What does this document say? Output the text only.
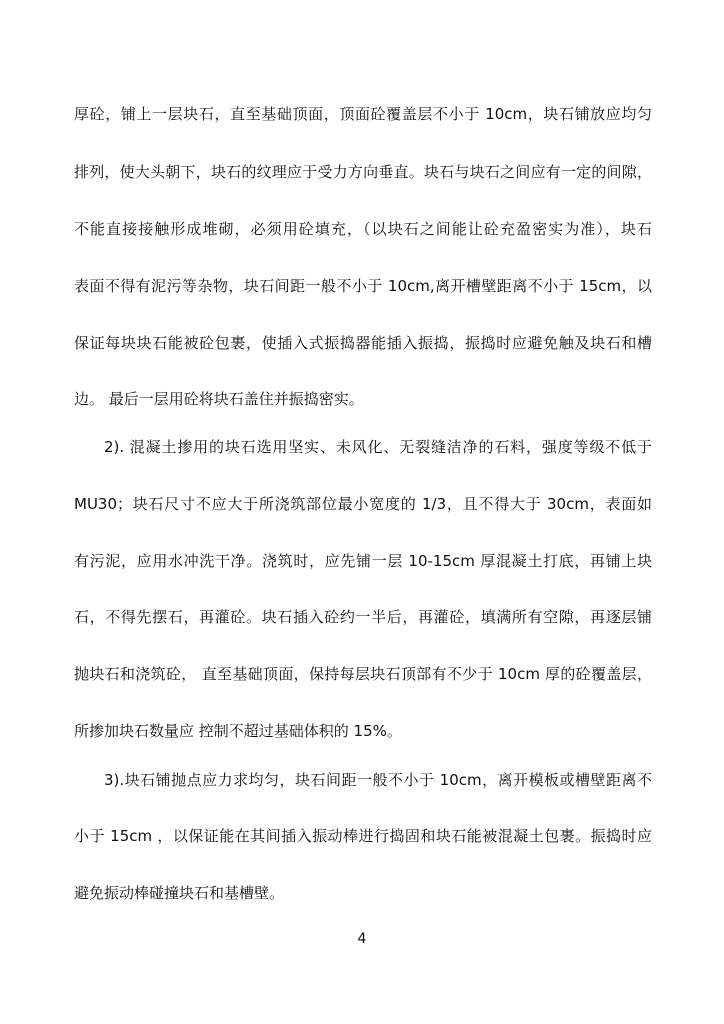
厚砼，铺上一层块石，直至基础顶面，顶面砼覆盖层不小于 10cm，块石铺放应均匀
排列，使大头朝下，块石的纹理应于受力方向垂直。块石与块石之间应有一定的间隙，
不能直接接触形成堆砌，必须用砼填充，（以块石之间能让砼充盈密实为准），块石
表面不得有泥污等杂物，块石间距一般不小于 10cm,离开槽壁距离不小于 15cm，以
保证每块块石能被砼包裹，使插入式振捣器能插入振捣，振捣时应避免触及块石和槽
边。 最后一层用砼将块石盖住并振捣密实。
2). 混凝土掺用的块石选用坚实、未风化、无裂缝洁净的石料，强度等级不低于
MU30；块石尺寸不应大于所浇筑部位最小宽度的 1/3，且不得大于 30cm，表面如
有污泥，应用水冲洗干净。浇筑时，应先铺一层 10-15cm 厚混凝土打底，再铺上块
石，不得先摆石，再灌砼。块石插入砼约一半后，再灌砼，填满所有空隙，再逐层铺
抛块石和浇筑砼， 直至基础顶面，保持每层块石顶部有不少于 10cm 厚的砼覆盖层，
所掺加块石数量应 控制不超过基础体积的 15%。
3).块石铺抛点应力求均匀，块石间距一般不小于 10cm，离开模板或槽壁距离不
小于 15cm ，以保证能在其间插入振动棒进行捣固和块石能被混凝土包裹。振捣时应
避免振动棒碰撞块石和基槽壁。
4
